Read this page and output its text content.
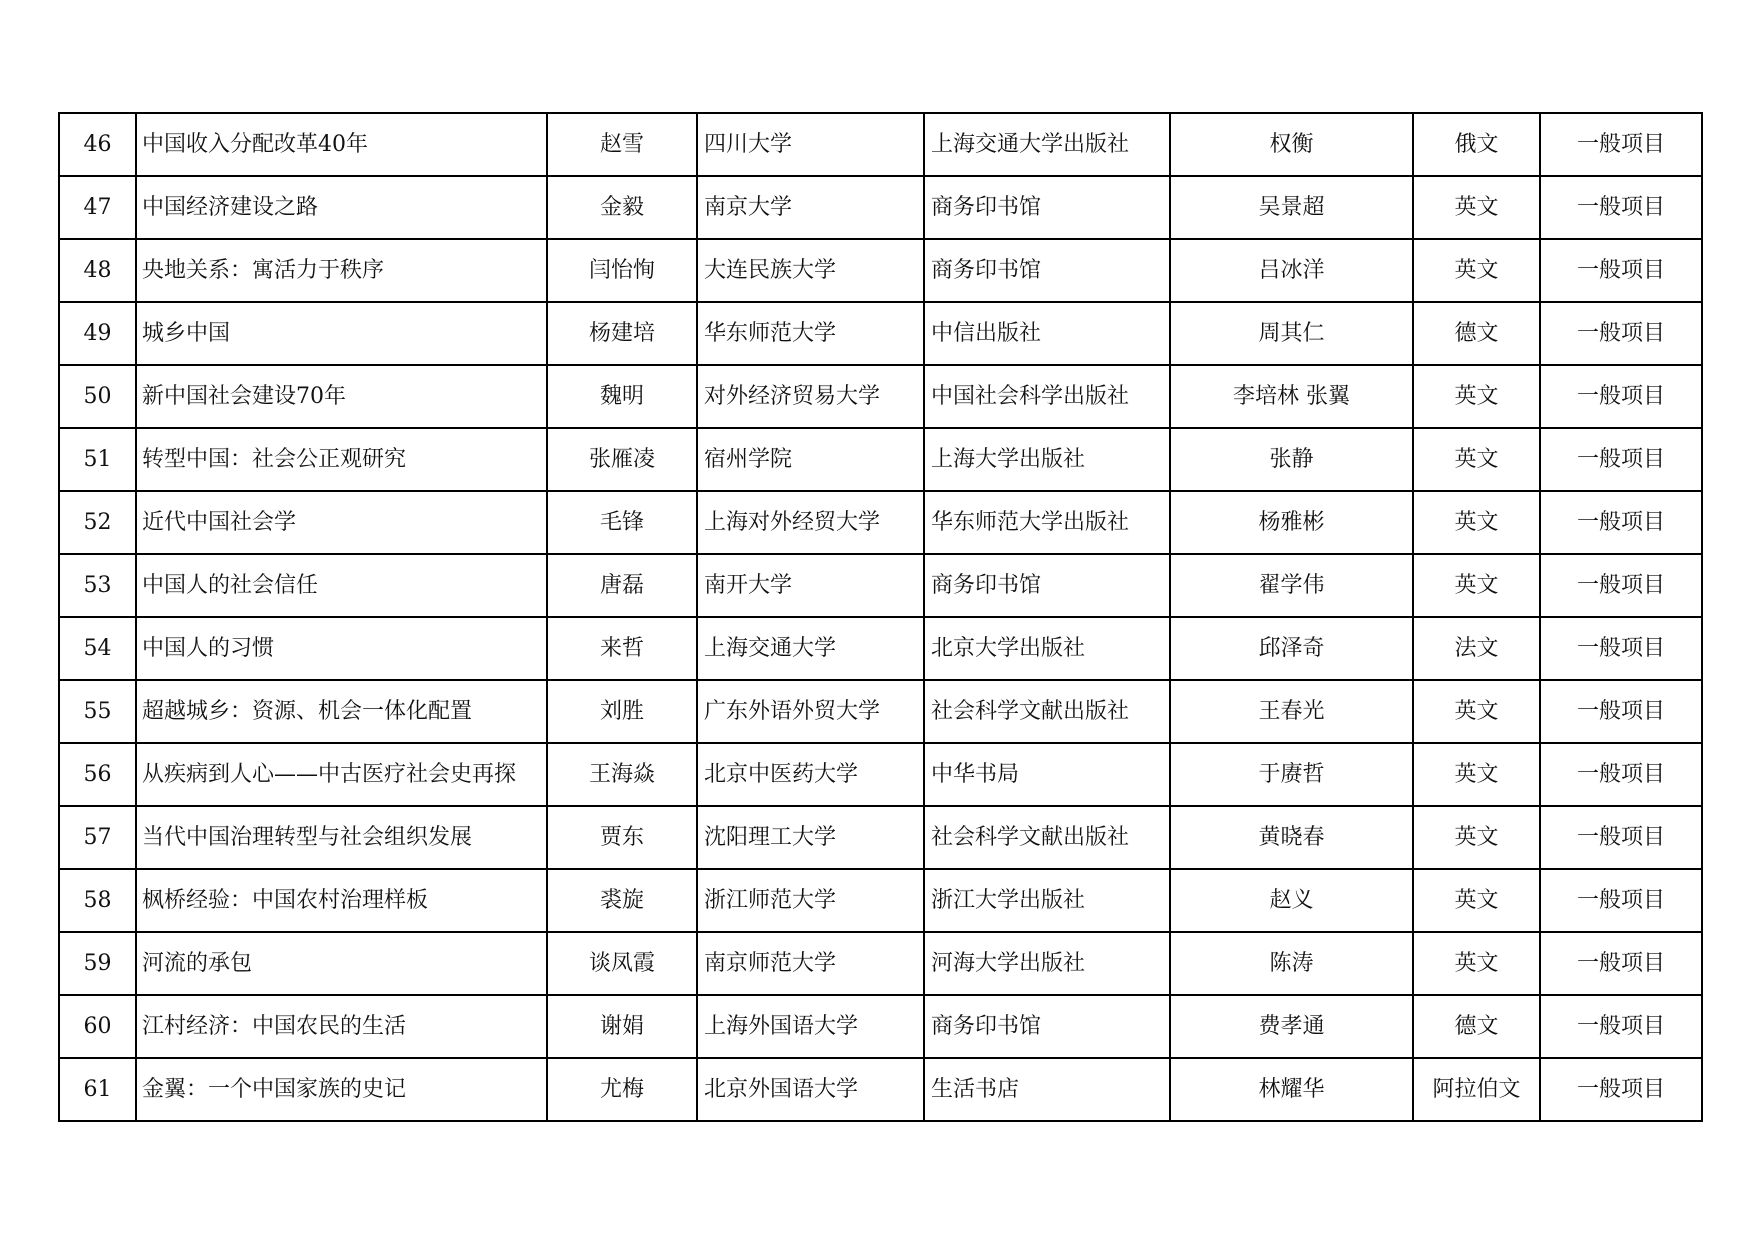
46	中国收入分配改革40年	赵雪	四川大学	上海交通大学出版社	权衡	俄文	一般项目
47	中国经济建设之路	金毅	南京大学	商务印书馆	吴景超	英文	一般项目
48	央地关系：寓活力于秩序	闫怡恂	大连民族大学	商务印书馆	吕冰洋	英文	一般项目
49	城乡中国	杨建培	华东师范大学	中信出版社	周其仁	德文	一般项目
50	新中国社会建设70年	魏明	对外经济贸易大学	中国社会科学出版社	李培林 张翼	英文	一般项目
51	转型中国：社会公正观研究	张雁凌	宿州学院	上海大学出版社	张静	英文	一般项目
52	近代中国社会学	毛锋	上海对外经贸大学	华东师范大学出版社	杨雅彬	英文	一般项目
53	中国人的社会信任	唐磊	南开大学	商务印书馆	翟学伟	英文	一般项目
54	中国人的习惯	来哲	上海交通大学	北京大学出版社	邱泽奇	法文	一般项目
55	超越城乡：资源、机会一体化配置	刘胜	广东外语外贸大学	社会科学文献出版社	王春光	英文	一般项目
56	从疾病到人心——中古医疗社会史再探	王海焱	北京中医药大学	中华书局	于赓哲	英文	一般项目
57	当代中国治理转型与社会组织发展	贾东	沈阳理工大学	社会科学文献出版社	黄晓春	英文	一般项目
58	枫桥经验：中国农村治理样板	裘旋	浙江师范大学	浙江大学出版社	赵义	英文	一般项目
59	河流的承包	谈凤霞	南京师范大学	河海大学出版社	陈涛	英文	一般项目
60	江村经济：中国农民的生活	谢娟	上海外国语大学	商务印书馆	费孝通	德文	一般项目
61	金翼：一个中国家族的史记	尤梅	北京外国语大学	生活书店	林耀华	阿拉伯文	一般项目
